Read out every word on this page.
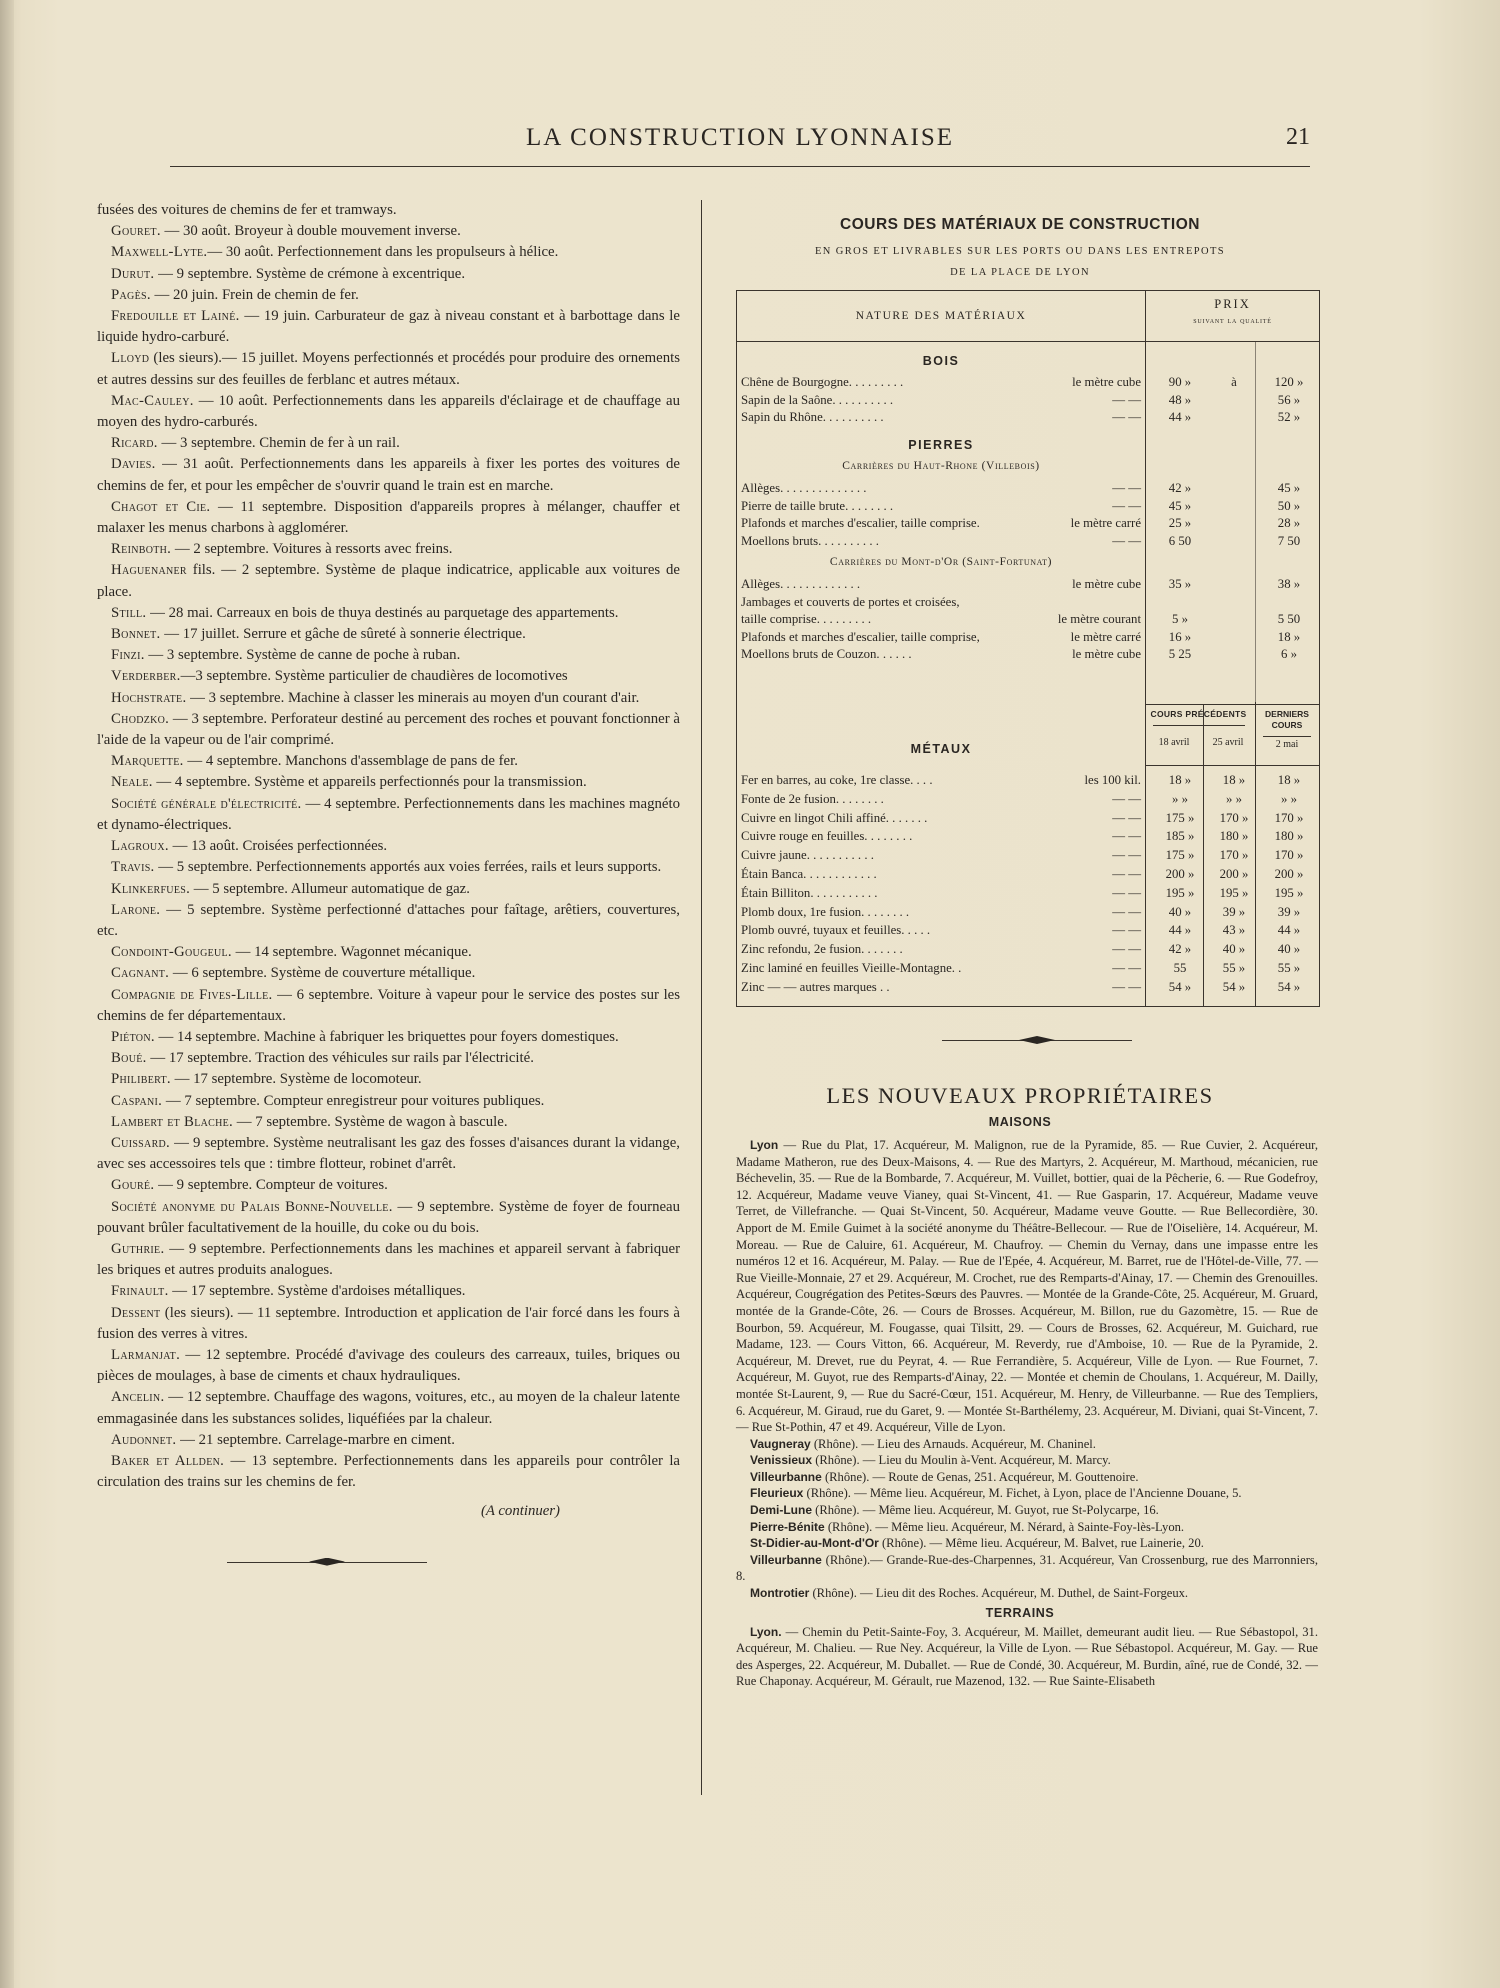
LA CONSTRUCTION LYONNAISE	21

fusées des voitures de chemins de fer et tramways.

Gouret. — 30 août. Broyeur à double mouvement inverse.

Maxwell-Lyte.— 30 août. Perfectionnement dans les propulseurs à hélice.

Durut. — 9 septembre. Système de crémone à excentrique.

Pagès. — 20 juin. Frein de chemin de fer.

Fredouille et Lainé. — 19 juin. Carburateur de gaz à niveau constant et à barbottage dans le liquide hydro-carburé.

Lloyd (les sieurs).— 15 juillet. Moyens perfectionnés et procédés pour produire des ornements et autres dessins sur des feuilles de ferblanc et autres métaux.

Mac-Cauley. — 10 août. Perfectionnements dans les appareils d'éclairage et de chauffage au moyen des hydro-carburés.

Ricard. — 3 septembre. Chemin de fer à un rail.

Davies. — 31 août. Perfectionnements dans les appareils à fixer les portes des voitures de chemins de fer, et pour les empêcher de s'ouvrir quand le train est en marche.

Chagot et Cie. — 11 septembre. Disposition d'appareils propres à mélanger, chauffer et malaxer les menus charbons à agglomérer.

Reinboth. — 2 septembre. Voitures à ressorts avec freins.

Haguenaner fils. — 2 septembre. Système de plaque indicatrice, applicable aux voitures de place.

Still. — 28 mai. Carreaux en bois de thuya destinés au parquetage des appartements.

Bonnet. — 17 juillet. Serrure et gâche de sûreté à sonnerie électrique.

Finzi. — 3 septembre. Système de canne de poche à ruban.

Verderber.—3 septembre. Système particulier de chaudières de locomotives

Hochstrate. — 3 septembre. Machine à classer les minerais au moyen d'un courant d'air.

Chodzko. — 3 septembre. Perforateur destiné au percement des roches et pouvant fonctionner à l'aide de la vapeur ou de l'air comprimé.

Marquette. — 4 septembre. Manchons d'assemblage de pans de fer.

Neale. — 4 septembre. Système et appareils perfectionnés pour la transmission.

Société générale d'électricité. — 4 septembre. Perfectionnements dans les machines magnéto et dynamo-électriques.

Lagroux. — 13 août. Croisées perfectionnées.

Travis. — 5 septembre. Perfectionnements apportés aux voies ferrées, rails et leurs supports.

Klinkerfues. — 5 septembre. Allumeur automatique de gaz.

Larone. — 5 septembre. Système perfectionné d'attaches pour faîtage, arêtiers, couvertures, etc.

Condoint-Gougeul. — 14 septembre. Wagonnet mécanique.

Cagnant. — 6 septembre. Système de couverture métallique.

Compagnie de Fives-Lille. — 6 septembre. Voiture à vapeur pour le service des postes sur les chemins de fer départementaux.

Piéton. — 14 septembre. Machine à fabriquer les briquettes pour foyers domestiques.

Boué. — 17 septembre. Traction des véhicules sur rails par l'électricité.

Philibert. — 17 septembre. Système de locomoteur.

Caspani. — 7 septembre. Compteur enregistreur pour voitures publiques.

Lambert et Blache. — 7 septembre. Système de wagon à bascule.

Cuissard. — 9 septembre. Système neutralisant les gaz des fosses d'aisances durant la vidange, avec ses accessoires tels que : timbre flotteur, robinet d'arrêt.

Gouré. — 9 septembre. Compteur de voitures.

Société anonyme du Palais Bonne-Nouvelle. — 9 septembre. Système de foyer de fourneau pouvant brûler facultativement de la houille, du coke ou du bois.

Guthrie. — 9 septembre. Perfectionnements dans les machines et appareil servant à fabriquer les briques et autres produits analogues.

Frinault. — 17 septembre. Système d'ardoises métalliques.

Dessent (les sieurs). — 11 septembre. Introduction et application de l'air forcé dans les fours à fusion des verres à vitres.

Larmanjat. — 12 septembre. Procédé d'avivage des couleurs des carreaux, tuiles, briques ou pièces de moulages, à base de ciments et chaux hydrauliques.

Ancelin. — 12 septembre. Chauffage des wagons, voitures, etc., au moyen de la chaleur latente emmagasinée dans les substances solides, liquéfiées par la chaleur.

Audonnet. — 21 septembre. Carrelage-marbre en ciment.

Baker et Allden. — 13 septembre. Perfectionnements dans les appareils pour contrôler la circulation des trains sur les chemins de fer.

(A continuer)
COURS DES MATÉRIAUX DE CONSTRUCTION
EN GROS ET LIVRABLES SUR LES PORTS OU DANS LES ENTREPOTS
DE LA PLACE DE LYON
NATURE DES MATÉRIAUX
PRIX
suivant la qualité
BOIS
PIERRES
Carrières du Haut-Rhone (Villebois)
Carrières du Mont-d'Or (Saint-Fortunat)
COURS PRÉCÉDENTS
18 avril	25 avril
DERNIERS COURS
2 mai
MÉTAUX
Chêne de Bourgogne. . . . . . . . .	le mètre cube	90 »	à	120 »
Sapin de la Saône. . . . . . . . . .	— —	48 »	56 »
Sapin du Rhône. . . . . . . . . .	— —	44 »	52 »
Allèges. . . . . . . . . . . . . .	— —	42 »	45 »
Pierre de taille brute. . . . . . . .	— —	45 »	50 »
Plafonds et marches d'escalier, taille comprise.	le mètre carré	25 »	28 »
Moellons bruts. . . . . . . . . .	— —	6 50	7 50
Allèges. . . . . . . . . . . . .	le mètre cube	35 »	38 »
Jambages et couverts de portes et croisées,
taille comprise. . . . . . . . .	le mètre courant	5 »	5 50
Plafonds et marches d'escalier, taille comprise,	le mètre carré	16 »	18 »
Moellons bruts de Couzon. . . . . .	le mètre cube	5 25	6 »
Fer en barres, au coke, 1re classe. . . .	les 100 kil.	18 »	18 »	18 »
Fonte de 2e fusion. . . . . . . .	— —	» »	» »	» »
Cuivre en lingot Chili affiné. . . . . . .	— —	175 »	170 »	170 »
Cuivre rouge en feuilles. . . . . . . .	— —	185 »	180 »	180 »
Cuivre jaune. . . . . . . . . . .	— —	175 »	170 »	170 »
Étain Banca. . . . . . . . . . . .	— —	200 »	200 »	200 »
Étain Billiton. . . . . . . . . . .	— —	195 »	195 »	195 »
Plomb doux, 1re fusion. . . . . . . .	— —	40 »	39 »	39 »
Plomb ouvré, tuyaux et feuilles. . . . .	— —	44 »	43 »	44 »
Zinc refondu, 2e fusion. . . . . . .	— —	42 »	40 »	40 »
Zinc laminé en feuilles Vieille-Montagne. .	— —	55	55 »	55 »
Zinc — — autres marques . .	— —	54 »	54 »	54 »
LES NOUVEAUX PROPRIÉTAIRES
MAISONS

Lyon — Rue du Plat, 17. Acquéreur, M. Malignon, rue de la Pyramide, 85. — Rue Cuvier, 2. Acquéreur, Madame Matheron, rue des Deux-Maisons, 4. — Rue des Martyrs, 2. Acquéreur, M. Marthoud, mécanicien, rue Béchevelin, 35. — Rue de la Bombarde, 7. Acquéreur, M. Vuillet, bottier, quai de la Pêcherie, 6. — Rue Godefroy, 12. Acquéreur, Madame veuve Vianey, quai St-Vincent, 41. — Rue Gasparin, 17. Acquéreur, Madame veuve Terret, de Villefranche. — Quai St-Vincent, 50. Acquéreur, Madame veuve Goutte. — Rue Bellecordière, 30. Apport de M. Emile Guimet à la société anonyme du Théâtre-Bellecour. — Rue de l'Oiselière, 14. Acquéreur, M. Moreau. — Rue de Caluire, 61. Acquéreur, M. Chaufroy. — Chemin du Vernay, dans une impasse entre les numéros 12 et 16. Acquéreur, M. Palay. — Rue de l'Epée, 4. Acquéreur, M. Barret, rue de l'Hôtel-de-Ville, 77. — Rue Vieille-Monnaie, 27 et 29. Acquéreur, M. Crochet, rue des Remparts-d'Ainay, 17. — Chemin des Grenouilles. Acquéreur, Cougrégation des Petites-Sœurs des Pauvres. — Montée de la Grande-Côte, 25. Acquéreur, M. Gruard, montée de la Grande-Côte, 26. — Cours de Brosses. Acquéreur, M. Billon, rue du Gazomètre, 15. — Rue de Bourbon, 59. Acquéreur, M. Fougasse, quai Tilsitt, 29. — Cours de Brosses, 62. Acquéreur, M. Guichard, rue Madame, 123. — Cours Vitton, 66. Acquéreur, M. Reverdy, rue d'Amboise, 10. — Rue de la Pyramide, 2. Acquéreur, M. Drevet, rue du Peyrat, 4. — Rue Ferrandière, 5. Acquéreur, Ville de Lyon. — Rue Fournet, 7. Acquéreur, M. Guyot, rue des Remparts-d'Ainay, 22. — Montée et chemin de Choulans, 1. Acquéreur, M. Dailly, montée St-Laurent, 9, — Rue du Sacré-Cœur, 151. Acquéreur, M. Henry, de Villeurbanne. — Rue des Templiers, 6. Acquéreur, M. Giraud, rue du Garet, 9. — Montée St-Barthélemy, 23. Acquéreur, M. Diviani, quai St-Vincent, 7. — Rue St-Pothin, 47 et 49. Acquéreur, Ville de Lyon.

Vaugneray (Rhône). — Lieu des Arnauds. Acquéreur, M. Chaninel.

Venissieux (Rhône). — Lieu du Moulin à-Vent. Acquéreur, M. Marcy.

Villeurbanne (Rhône). — Route de Genas, 251. Acquéreur, M. Gouttenoire.

Fleurieux (Rhône). — Même lieu. Acquéreur, M. Fichet, à Lyon, place de l'Ancienne Douane, 5.

Demi-Lune (Rhône). — Même lieu. Acquéreur, M. Guyot, rue St-Polycarpe, 16.

Pierre-Bénite (Rhône). — Même lieu. Acquéreur, M. Nérard, à Sainte-Foy-lès-Lyon.

St-Didier-au-Mont-d'Or (Rhône). — Même lieu. Acquéreur, M. Balvet, rue Lainerie, 20.

Villeurbanne (Rhône).— Grande-Rue-des-Charpennes, 31. Acquéreur, Van Crossenburg, rue des Marronniers, 8.

Montrotier (Rhône). — Lieu dit des Roches. Acquéreur, M. Duthel, de Saint-Forgeux.

TERRAINS

Lyon. — Chemin du Petit-Sainte-Foy, 3. Acquéreur, M. Maillet, demeurant audit lieu. — Rue Sébastopol, 31. Acquéreur, M. Chalieu. — Rue Ney. Acquéreur, la Ville de Lyon. — Rue Sébastopol. Acquéreur, M. Gay. — Rue des Asperges, 22. Acquéreur, M. Duballet. — Rue de Condé, 30. Acquéreur, M. Burdin, aîné, rue de Condé, 32. — Rue Chaponay. Acquéreur, M. Gérault, rue Mazenod, 132. — Rue Sainte-Elisabeth
